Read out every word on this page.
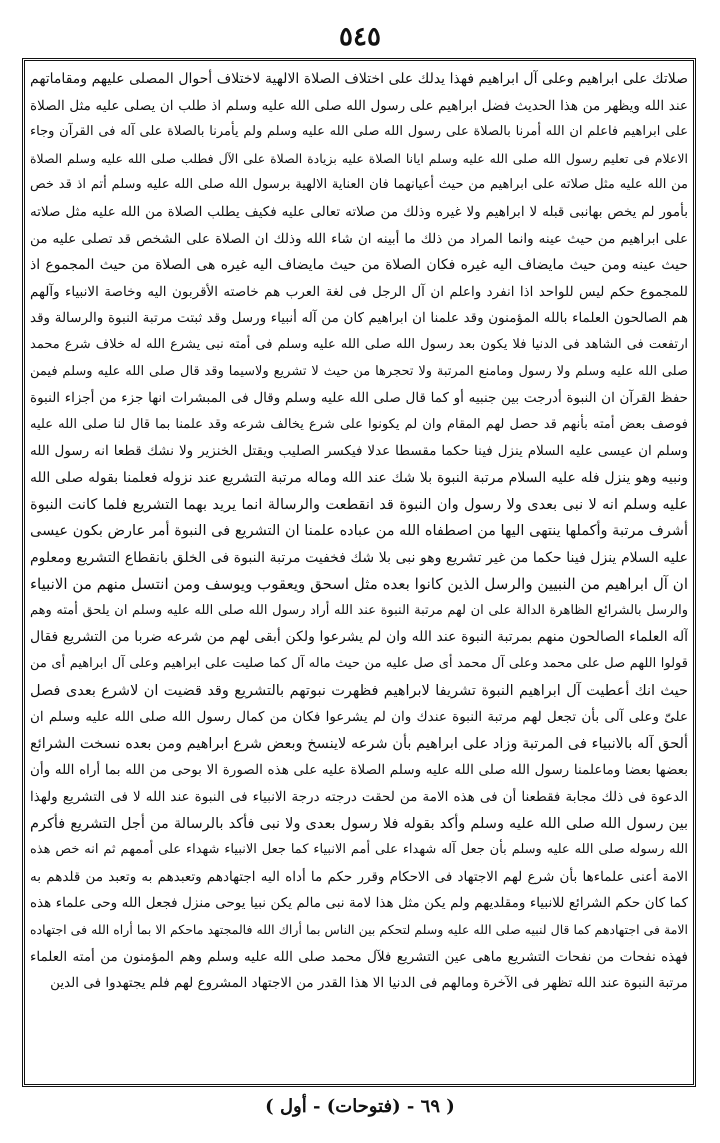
٥٤٥
صلاتك على ابراهيم وعلى آل ابراهيم فهذا يدلك على اختلاف الصلاة الالهية لاختلاف أحوال المصلى عليهم ومقاماتهم
عند الله ويظهر من هذا الحديث فضل ابراهيم على رسول الله صلى الله عليه وسلم اذ طلب ان يصلى عليه مثل الصلاة
على ابراهيم فاعلم ان الله أمرنا بالصلاة على رسول الله صلى الله عليه وسلم ولم يأمرنا بالصلاة على آله فى القرآن وجاء
الاعلام فى تعليم رسول الله صلى الله عليه وسلم ايانا الصلاة عليه بزيادة الصلاة على الآل فطلب صلى الله عليه وسلم الصلاة
من الله عليه مثل صلاته على ابراهيم من حيث أعيانهما فان العناية الالهية برسول الله صلى الله عليه وسلم أتم اذ قد خص
بأمور لم يخص بهانبى قبله لا ابراهيم ولا غيره وذلك من صلاته تعالى عليه فكيف يطلب الصلاة من الله عليه مثل صلاته
على ابراهيم من حيث عينه وانما المراد من ذلك ما أبينه ان شاء الله وذلك ان الصلاة على الشخص قد تصلى عليه من
حيث عينه ومن حيث مايضاف اليه غيره فكان الصلاة من حيث مايضاف اليه غيره هى الصلاة من حيث المجموع اذ
للمجموع حكم ليس للواحد اذا انفرد واعلم ان آل الرجل فى لغة العرب هم خاصته الأقربون اليه وخاصة الانبياء وآلهم
هم الصالحون العلماء بالله المؤمنون وقد علمنا ان ابراهيم كان من آله أنبياء ورسل وقد ثبتت مرتبة النبوة والرسالة وقد
ارتفعت فى الشاهد فى الدنيا فلا يكون بعد رسول الله صلى الله عليه وسلم فى أمته نبى يشرع الله له خلاف شرع محمد
صلى الله عليه وسلم ولا رسول ومامنع المرتبة ولا تحجرها من حيث لا تشريع ولاسيما وقد قال صلى الله عليه وسلم فيمن
حفظ القرآن ان النبوة أدرجت بين جنبيه أو كما قال صلى الله عليه وسلم وقال فى المبشرات انها جزء من أجزاء النبوة
فوصف بعض أمته بأنهم قد حصل لهم المقام وان لم يكونوا على شرع يخالف شرعه وقد علمنا بما قال لنا صلى الله عليه
وسلم ان عيسى عليه السلام ينزل فينا حكما مقسطا عدلا فيكسر الصليب ويقتل الخنزير ولا نشك قطعا انه رسول الله
ونبيه وهو ينزل فله عليه السلام مرتبة النبوة بلا شك عند الله وماله مرتبة التشريع عند نزوله فعلمنا بقوله صلى الله
عليه وسلم انه لا نبى بعدى ولا رسول وان النبوة قد انقطعت والرسالة انما يريد بهما التشريع فلما كانت النبوة
أشرف مرتبة وأكملها ينتهى اليها من اصطفاه الله من عباده علمنا ان التشريع فى النبوة أمر عارض بكون عيسى
عليه السلام ينزل فينا حكما من غير تشريع وهو نبى بلا شك فخفيت مرتبة النبوة فى الخلق بانقطاع التشريع ومعلوم
ان آل ابراهيم من النبيين والرسل الذين كانوا بعده مثل اسحق ويعقوب ويوسف ومن انتسل منهم من الانبياء
والرسل بالشرائع الظاهرة الدالة على ان لهم مرتبة النبوة عند الله أراد رسول الله صلى الله عليه وسلم ان يلحق أمته وهم
آله العلماء الصالحون منهم بمرتبة النبوة عند الله وان لم يشرعوا ولكن أبقى لهم من شرعه ضربا من التشريع فقال
قولوا اللهم صل على محمد وعلى آل محمد أى صل عليه من حيث ماله آل كما صليت على ابراهيم وعلى آل ابراهيم أى من
حيث انك أعطيت آل ابراهيم النبوة تشريفا لابراهيم فظهرت نبوتهم بالتشريع وقد قضيت ان لاشرع بعدى فصل
علىّ وعلى آلى بأن تجعل لهم مرتبة النبوة عندك وان لم يشرعوا فكان من كمال رسول الله صلى الله عليه وسلم ان
ألحق آله بالانبياء فى المرتبة وزاد على ابراهيم بأن شرعه لاينسخ وبعض شرع ابراهيم ومن بعده نسخت الشرائع
بعضها بعضا وماعلمنا رسول الله صلى الله عليه وسلم الصلاة عليه على هذه الصورة الا بوحى من الله بما أراه الله وأن
الدعوة فى ذلك مجابة فقطعنا أن فى هذه الامة من لحقت درجته درجة الانبياء فى النبوة عند الله لا فى التشريع ولهذا
بين رسول الله صلى الله عليه وسلم وأكد بقوله فلا رسول بعدى ولا نبى فأكد بالرسالة من أجل التشريع فأكرم
الله رسوله صلى الله عليه وسلم بأن جعل آله شهداء على أمم الانبياء كما جعل الانبياء شهداء على أممهم ثم انه خص هذه
الامة أعنى علماءها بأن شرع لهم الاجتهاد فى الاحكام وقرر حكم ما أداه اليه اجتهادهم وتعبدهم به وتعبد من قلدهم به
كما كان حكم الشرائع للانبياء ومقلديهم ولم يكن مثل هذا لامة نبى مالم يكن نبيا يوحى منزل فجعل الله وحى علماء هذه
الامة فى اجتهادهم كما قال لنبيه صلى الله عليه وسلم لتحكم بين الناس بما أراك الله فالمجتهد ماحكم الا بما أراه الله فى اجتهاده
فهذه نفحات من نفحات التشريع ماهى عين التشريع فلآل محمد صلى الله عليه وسلم وهم المؤمنون من أمته العلماء
مرتبة النبوة عند الله تظهر فى الآخرة ومالهم فى الدنيا الا هذا القدر من الاجتهاد المشروع لهم فلم يجتهدوا فى الدين
( ٦٩ - (فتوحات) - أول )
